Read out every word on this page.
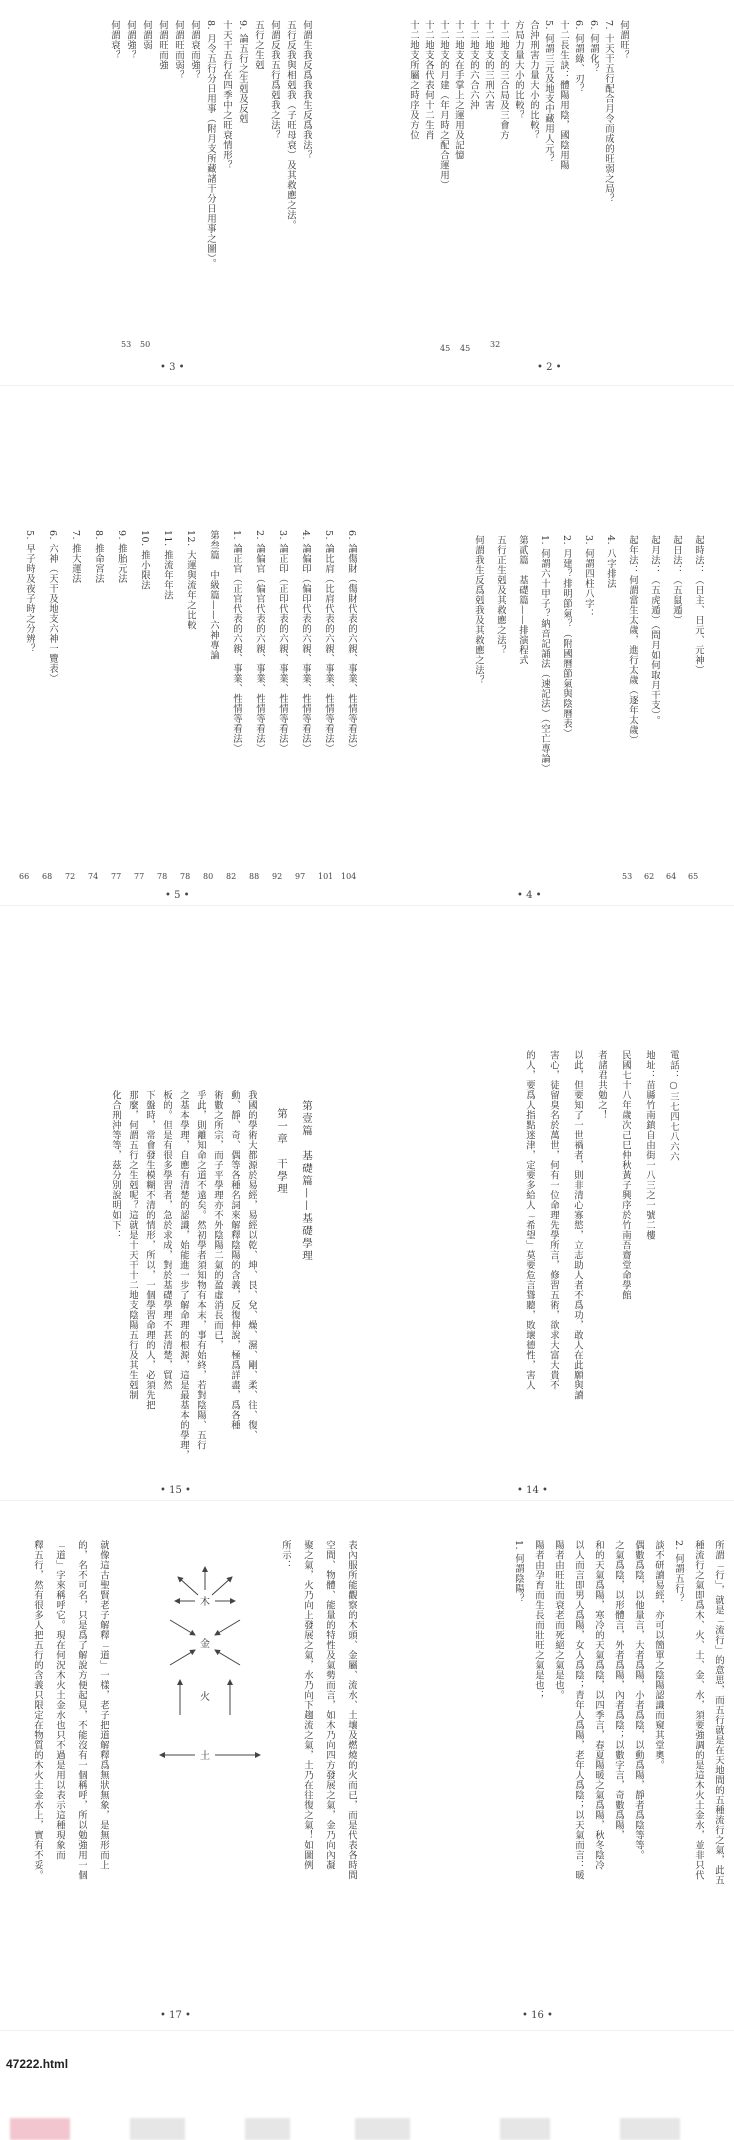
何謂生我反爲我我生反爲我法？
五行反我與相剋我（子旺母衰）及其救應之法。
何謂反我五行爲剋我之法？
五行之生剋
9. 論五行之生剋及反剋
十天干五行在四季中之旺衰情形？
8. 月令五行分日用事（附月支所藏諸干分日用事之圖）。
何謂衰而強？
何謂旺而弱？
何謂旺而強
何謂弱
何謂強？
何謂衰？
53 50
• 3 •
何謂旺？
7. 十天干五行配合月令而成的旺弱之局？
6. 何謂化？
6. 何謂綠、刃？
十二長生訣：體陽用陰，國陰用陽
5. 何謂三元及地支中藏用人元？
合沖刑害力量大小的比較？
方局力量大小的比較？
十二地支的三合局及三會方
十二地支的三刑六害
十二地支的六合六沖
十二地支在手掌上之運用及記憶
十二地支的月建（年月時之配合運用）
十二地支各代表何十二生肖
十二地支所屬之時序及方位
45 45 32
• 2 •
6. 論傷財（傷財代表的六親、事業、性情等看法）
5. 論比肩（比肩代表的六親、事業、性情等看法）
4. 論偏印（偏印代表的六親、事業、性情等看法）
3. 論正印（正印代表的六親、事業、性情等看法）
2. 論偏官（偏官代表的六親、事業、性情等看法）
1. 論正官（正官代表的六親、事業、性情等看法）
第叁篇　中級篇——六神專論
12. 大運與流年之比較
11. 推流年年法
10. 推小限法
9. 推胎元法
8. 推命宮法
7. 推大運法
6. 六神（天干及地支六神一覽表）
5. 早子時及夜子時之分辨？
104
101
97
92
88
82
80
78
78
77
77
74
72
68
66
• 5 •
起時法：（日主、日元、元神）
起日法：（五鼠遁）
起月法：（五虎遁）（問月如何取月干支）。
起年法：何謂當生太歲，進行太歲（逐年太歲）
4. 八字排法
3. 何謂四柱八字：
2. 月建？排明節氣？（附國曆節氣與陰曆表）
1. 何謂六十甲子？納音記誦法（速記法）（空亡專論）
第貳篇　基礎篇——排演程式
五行正生剋及其救應之法？
何謂我生反爲剋我及其救應之法？
65
64
62
53
• 4 •
第壹篇　基礎篇——基礎學理
第一章　干學理
我國的學術大都源於易經，易經以乾、坤、艮、兌、燥、濕、剛、柔、往、復、
動、靜、奇、偶等各種名詞來解釋陰陽的含義，反復伸說，極爲詳盡，爲各種
術數之所宗，而子平學理亦不外陰陽二氣的盈虛消長而已，
乎此，則離知命之道不遠矣。然初學者須知物有本末，事有始終，若對陰陽、五行
之基本學理，自應有清楚的認識，始能進一步了解命理的根源，這是最基本的學理，
板的。但是有很多學習者，急於求成，對於基礎學理不甚清楚，貿然
下盤時，常會發生模糊不清的情形，所以，一個學習命理的人，必須先把
那麼，何謂五行之生剋呢？這就是十天干十二地支陰陽五行及其生剋制
化合刑沖等等，茲分別說明如下：
• 15 •
電話：○三七四七八六六
地址：苗縣竹南鎮自由街一八三之一號二樓
民國七十八年歲次己巳仲秋黃子興序於竹南吾齋堂命學館
者諸君共勉之！
以此，但要知了一世禍者，則非清心寡慾，立志助人者不爲功，敢人在此願與讀
害心，徒留臭名於萬世，何有一位命理先學所言，修習五術，欲求大富大貴不
的人，要爲人指點迷津，定要多給人「希望」莫要危言聳聽，敗壞德性，害人
• 14 •
表內服所能觀察的木頭、金屬、流水、土壤及燃燒的火而已，而是代表各時間
空間、物體、能量的特性及氣勢而言，如木乃向四方發展之氣，金乃向內凝
聚之氣，火乃向上發展之氣，水乃向下趨流之氣，土乃在往復之氣！如圖例
所示：
就像這古聖賢老子解釋「道」一樣，老子把道解釋爲無狀無象，是無形而上
的，名不可名，只是爲了解說方便起見，不能沒有一個稱呼，所以勉強用一個
「道」字來稱呼它。現在何況木火土金水也只不過是用以表示這種現象而
釋五行，然有很多人把五行的含義只限定在物質的木火土金水上，實有不妥。	木
金
火
土
• 17 •
所謂「行」，就是「流行」的意思，而五行就是在天地間的五種流行之氣，此五
種流行之氣即爲木、火、土、金、水，須要強調的是這木火土金水，並非只代
2. 何謂五行？
談不研讀易經，亦可以簡單之陰陽認識而窺其堂奧。
偶數爲陰，以他量言，大者爲陽，小者爲陰，以動爲陽，靜者爲陰等等。
之氣爲陰，以形體言，外者爲陽，內者爲陰；以數字言，奇數爲陽，
和的天氣爲陽，寒冷的天氣爲陰，以四季言，春夏陽暖之氣爲陽，秋冬陰冷
以人而言即男人爲陽，女人爲陰；青年人爲陽，老年人爲陰；以天氣而言：暖
陽者由旺壯而衰老而死絕之氣是也。
陽者由孕育而生長而壯旺之氣是也；
1. 何謂陰陽？
• 16 •
47222.html
